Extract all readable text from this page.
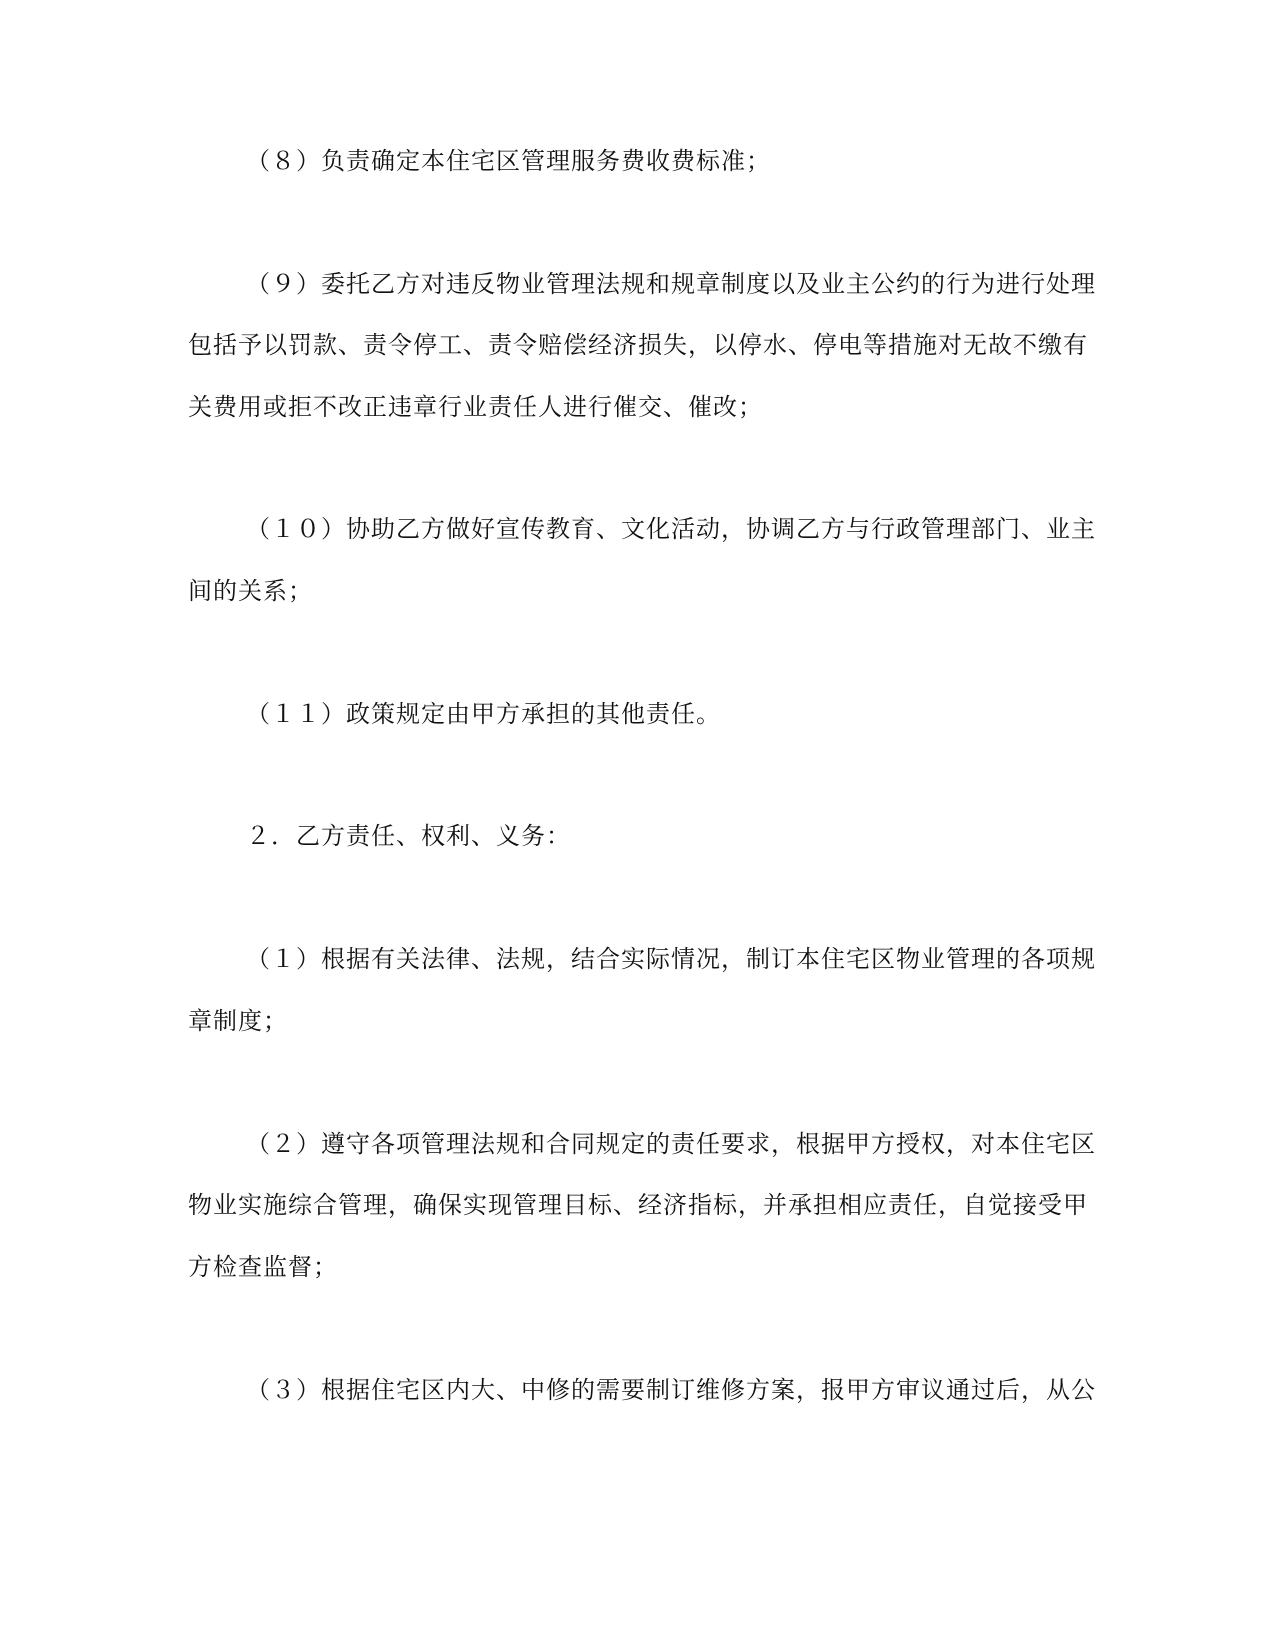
（８）负责确定本住宅区管理服务费收费标准；
（９）委托乙方对违反物业管理法规和规章制度以及业主公约的行为进行处理
包括予以罚款、责令停工、责令赔偿经济损失，以停水、停电等措施对无故不缴有
关费用或拒不改正违章行业责任人进行催交、催改；
（１０）协助乙方做好宣传教育、文化活动，协调乙方与行政管理部门、业主
间的关系；
（１１）政策规定由甲方承担的其他责任。
２．乙方责任、权利、义务：
（１）根据有关法律、法规，结合实际情况，制订本住宅区物业管理的各项规
章制度；
（２）遵守各项管理法规和合同规定的责任要求，根据甲方授权，对本住宅区
物业实施综合管理，确保实现管理目标、经济指标，并承担相应责任，自觉接受甲
方检查监督；
（３）根据住宅区内大、中修的需要制订维修方案，报甲方审议通过后，从公
